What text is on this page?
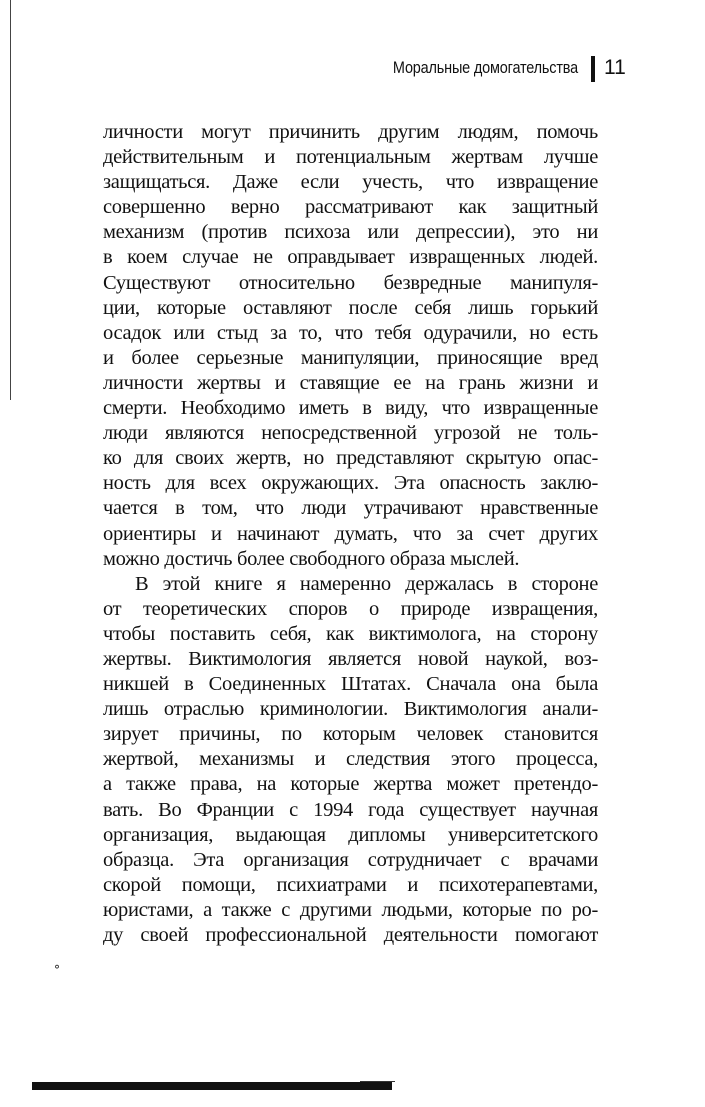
Моральные домогательства 11
личности могут причинить другим людям, помочь
действительным и потенциальным жертвам лучше
защищаться. Даже если учесть, что извращение
совершенно верно рассматривают как защитный
механизм (против психоза или депрессии), это ни
в коем случае не оправдывает извращенных людей.
Существуют относительно безвредные манипуля-
ции, которые оставляют после себя лишь горький
осадок или стыд за то, что тебя одурачили, но есть
и более серьезные манипуляции, приносящие вред
личности жертвы и ставящие ее на грань жизни и
смерти. Необходимо иметь в виду, что извращенные
люди являются непосредственной угрозой не толь-
ко для своих жертв, но представляют скрытую опас-
ность для всех окружающих. Эта опасность заклю-
чается в том, что люди утрачивают нравственные
ориентиры и начинают думать, что за счет других
можно достичь более свободного образа мыслей.
В этой книге я намеренно держалась в стороне
от теоретических споров о природе извращения,
чтобы поставить себя, как виктимолога, на сторону
жертвы. Виктимология является новой наукой, воз-
никшей в Соединенных Штатах. Сначала она была
лишь отраслью криминологии. Виктимология анали-
зирует причины, по которым человек становится
жертвой, механизмы и следствия этого процесса,
а также права, на которые жертва может претендо-
вать. Во Франции с 1994 года существует научная
организация, выдающая дипломы университетского
образца. Эта организация сотрудничает с врачами
скорой помощи, психиатрами и психотерапевтами,
юристами, а также с другими людьми, которые по ро-
ду своей профессиональной деятельности помогают
°
